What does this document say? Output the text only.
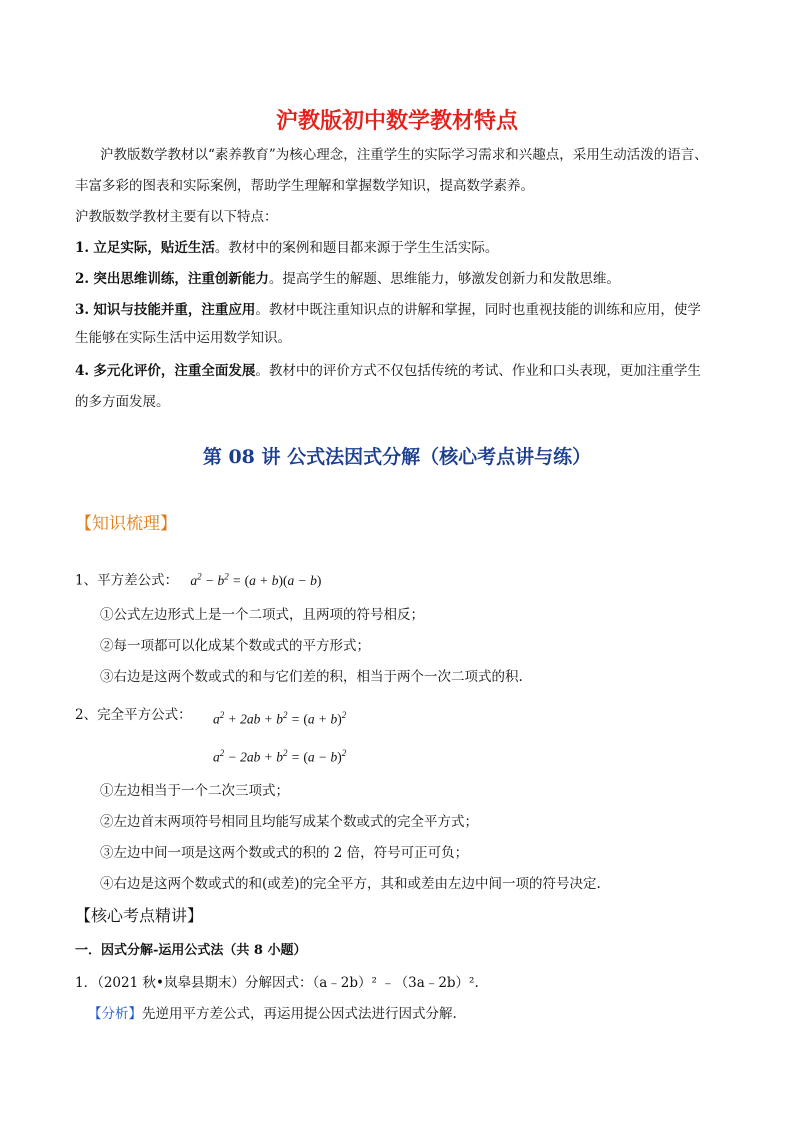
沪教版初中数学教材特点
沪教版数学教材以“素养教育”为核心理念，注重学生的实际学习需求和兴趣点，采用生动活泼的语言、
丰富多彩的图表和实际案例，帮助学生理解和掌握数学知识，提高数学素养。
沪教版数学教材主要有以下特点：
1. 立足实际，贴近生活。教材中的案例和题目都来源于学生生活实际。
2. 突出思维训练，注重创新能力。提高学生的解题、思维能力，够激发创新力和发散思维。
3. 知识与技能并重，注重应用。教材中既注重知识点的讲解和掌握，同时也重视技能的训练和应用，使学
生能够在实际生活中运用数学知识。
4. 多元化评价，注重全面发展。教材中的评价方式不仅包括传统的考试、作业和口头表现，更加注重学生
的多方面发展。
第 08 讲 公式法因式分解（核心考点讲与练）
【知识梳理】
1、平方差公式： $a^2 - b^2 = (a + b)(a - b)$
①公式左边形式上是一个二项式，且两项的符号相反；
②每一项都可以化成某个数或式的平方形式；
③右边是这两个数或式的和与它们差的积，相当于两个一次二项式的积.
2、完全平方公式： $a^2 + 2ab + b^2 = (a + b)^2$
$a^2 - 2ab + b^2 = (a - b)^2$
①左边相当于一个二次三项式；
②左边首末两项符号相同且均能写成某个数或式的完全平方式；
③左边中间一项是这两个数或式的积的 2 倍，符号可正可负；
④右边是这两个数或式的和(或差)的完全平方，其和或差由左边中间一项的符号决定.
【核心考点精讲】
一．因式分解-运用公式法（共 8 小题）
1．（2021 秋•岚皋县期末）分解因式：（a﹣2b）² ﹣（3a﹣2b）².
【分析】先逆用平方差公式，再运用提公因式法进行因式分解.
